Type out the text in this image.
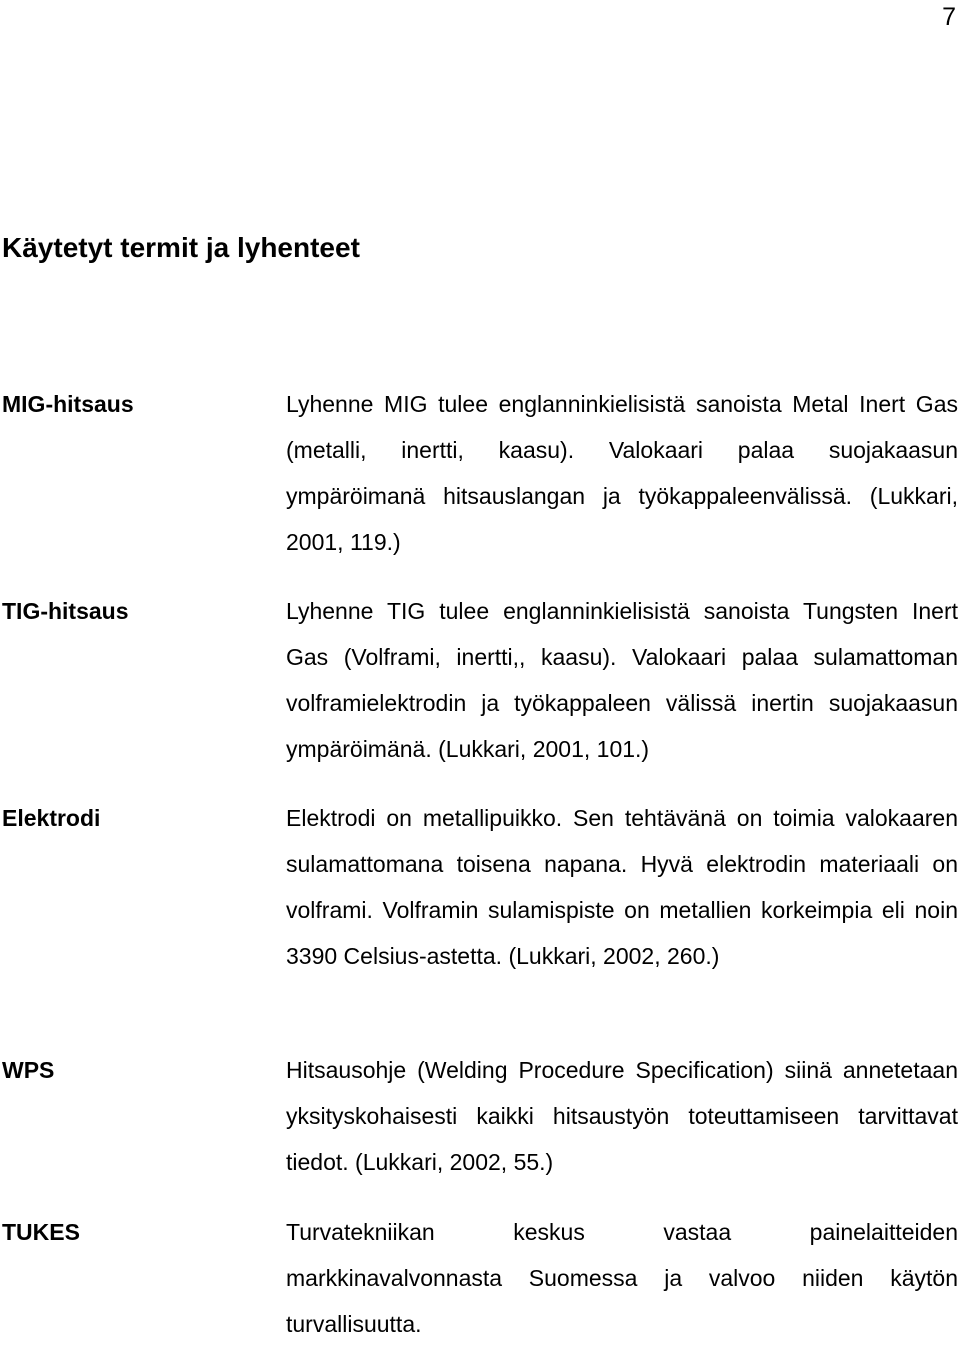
7
Käytetyt termit ja lyhenteet
MIG-hitsaus	Lyhenne MIG tulee englanninkielisistä sanoista Metal Inert Gas (metalli, inertti, kaasu). Valokaari palaa suojakaasun ympäröimanä hitsauslangan ja työkappaleenvälissä. (Lukkari, 2001, 119.)
TIG-hitsaus	Lyhenne TIG tulee englanninkielisistä sanoista Tungsten Inert Gas (Volframi, inertti,, kaasu). Valokaari palaa sulamattoman volframielektrodin ja työkappaleen välissä inertin suojakaasun ympäröimänä. (Lukkari, 2001, 101.)
Elektrodi	Elektrodi on metallipuikko. Sen tehtävänä on toimia valokaaren sulamattomana toisena napana. Hyvä elektrodin materiaali on volframi. Volframin sulamispiste on metallien korkeimpia eli noin 3390 Celsius-astetta. (Lukkari, 2002, 260.)
WPS	Hitsausohje (Welding Procedure Specification) siinä annetetaan yksityskohaisesti kaikki hitsaustyön toteuttamiseen tarvittavat tiedot. (Lukkari, 2002, 55.)
TUKES	Turvatekniikan keskus vastaa painelaitteiden markkinavalvonnasta Suomessa ja valvoo niiden käytön turvallisuutta.
